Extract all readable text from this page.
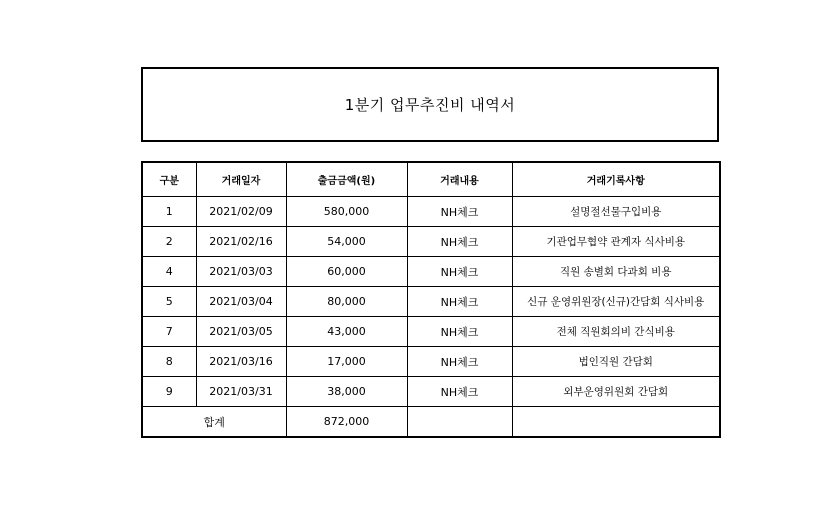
1분기 업무추진비 내역서
구분	거래일자	출금금액(원)	거래내용	거래기록사항
1	2021/02/09	580,000	NH체크	설명절선물구입비용
2	2021/02/16	54,000	NH체크	기관업무협약 관계자 식사비용
4	2021/03/03	60,000	NH체크	직원 송별회 다과회 비용
5	2021/03/04	80,000	NH체크	신규 운영위원장(신규)간담회 식사비용
7	2021/03/05	43,000	NH체크	전체 직원회의비 간식비용
8	2021/03/16	17,000	NH체크	법인직원 간담회
9	2021/03/31	38,000	NH체크	외부운영위원회 간담회
합계		872,000		
